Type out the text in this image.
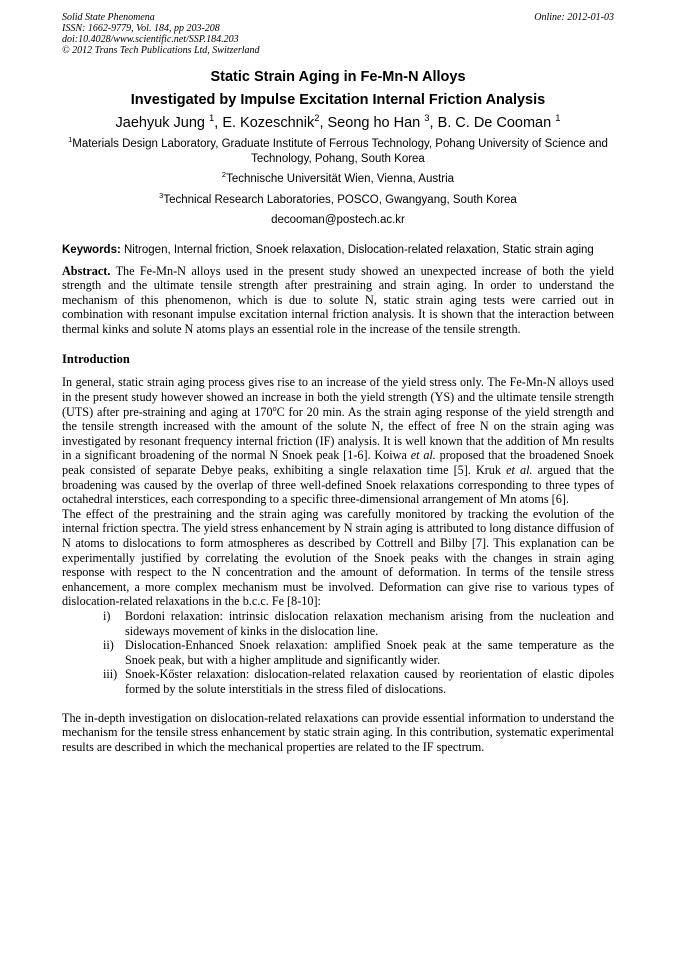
Solid State Phenomena
ISSN: 1662-9779, Vol. 184, pp 203-208
doi:10.4028/www.scientific.net/SSP.184.203
© 2012 Trans Tech Publications Ltd, Switzerland
Online: 2012-01-03
Static Strain Aging in Fe-Mn-N Alloys
Investigated by Impulse Excitation Internal Friction Analysis
Jaehyuk Jung $^1$, E. Kozeschnik$^2$, Seong ho Han $^3$, B. C. De Cooman $^1$
$^1$Materials Design Laboratory, Graduate Institute of Ferrous Technology, Pohang University of Science and Technology, Pohang, South Korea
$^2$Technische Universität Wien, Vienna, Austria
$^3$Technical Research Laboratories, POSCO, Gwangyang, South Korea
decooman@postech.ac.kr
Keywords: Nitrogen, Internal friction, Snoek relaxation, Dislocation-related relaxation, Static strain aging
Abstract. The Fe-Mn-N alloys used in the present study showed an unexpected increase of both the yield strength and the ultimate tensile strength after prestraining and strain aging. In order to understand the mechanism of this phenomenon, which is due to solute N, static strain aging tests were carried out in combination with resonant impulse excitation internal friction analysis. It is shown that the interaction between thermal kinks and solute N atoms plays an essential role in the increase of the tensile strength.
Introduction
In general, static strain aging process gives rise to an increase of the yield stress only. The Fe-Mn-N alloys used in the present study however showed an increase in both the yield strength (YS) and the ultimate tensile strength (UTS) after pre-straining and aging at 170$^o$C for 20 min. As the strain aging response of the yield strength and the tensile strength increased with the amount of the solute N, the effect of free N on the strain aging was investigated by resonant frequency internal friction (IF) analysis. It is well known that the addition of Mn results in a significant broadening of the normal N Snoek peak [1-6]. Koiwa et al. proposed that the broadened Snoek peak consisted of separate Debye peaks, exhibiting a single relaxation time [5]. Kruk et al. argued that the broadening was caused by the overlap of three well-defined Snoek relaxations corresponding to three types of octahedral interstices, each corresponding to a specific three-dimensional arrangement of Mn atoms [6].
The effect of the prestraining and the strain aging was carefully monitored by tracking the evolution of the internal friction spectra. The yield stress enhancement by N strain aging is attributed to long distance diffusion of N atoms to dislocations to form atmospheres as described by Cottrell and Bilby [7]. This explanation can be experimentally justified by correlating the evolution of the Snoek peaks with the changes in strain aging response with respect to the N concentration and the amount of deformation. In terms of the tensile stress enhancement, a more complex mechanism must be involved. Deformation can give rise to various types of dislocation-related relaxations in the b.c.c. Fe [8-10]:
i) Bordoni relaxation: intrinsic dislocation relaxation mechanism arising from the nucleation and sideways movement of kinks in the dislocation line.
ii) Dislocation-Enhanced Snoek relaxation: amplified Snoek peak at the same temperature as the Snoek peak, but with a higher amplitude and significantly wider.
iii) Snoek-Kőster relaxation: dislocation-related relaxation caused by reorientation of elastic dipoles formed by the solute interstitials in the stress filed of dislocations.
The in-depth investigation on dislocation-related relaxations can provide essential information to understand the mechanism for the tensile stress enhancement by static strain aging. In this contribution, systematic experimental results are described in which the mechanical properties are related to the IF spectrum.
